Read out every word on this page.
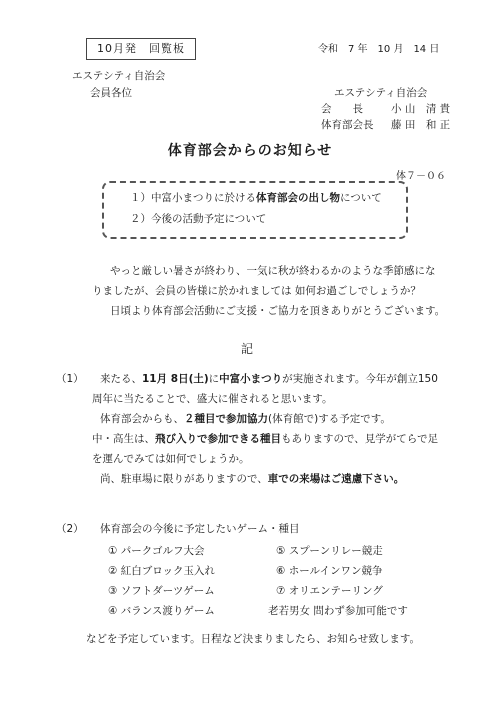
10月発　回覧板	令和　7 年　10 月　14 日
エステシティ自治会
会員各位	エステシティ自治会
会　　長	小 山　清 貴
体育部会長 藤 田　和 正
体育部会からのお知らせ
体７－０６
１）中富小まつりに於ける体育部会の出し物について
２）今後の活動予定について
やっと厳しい暑さが終わり、一気に秋が終わるかのような季節感にな
りましたが、会員の皆様に於かれましては 如何お過ごしでしょうか？
日頃より体育部会活動にご支援・ご協力を頂きありがとうございます。
記
（1） 来たる、11月 8日(土)に中富小まつりが実施されます。今年が創立150
周年に当たることで、盛大に催されると思います。
体育部会からも、２種目で参加協力(体育館で)する予定です。
中・高生は、飛び入りで参加できる種目もありますので、見学がてらで足
を運んでみては如何でしょうか。
尚、駐車場に限りがありますので、車での来場はご遠慮下さい。
（2） 体育部会の今後に予定したいゲーム・種目
① パークゴルフ大会	⑤ スプーンリレー競走
② 紅白ブロック玉入れ	⑥ ホールインワン競争
③ ソフトダーツゲーム	⑦ オリエンテーリング
④ バランス渡りゲーム	老若男女 問わず参加可能です
などを予定しています。日程など決まりましたら、お知らせ致します。
